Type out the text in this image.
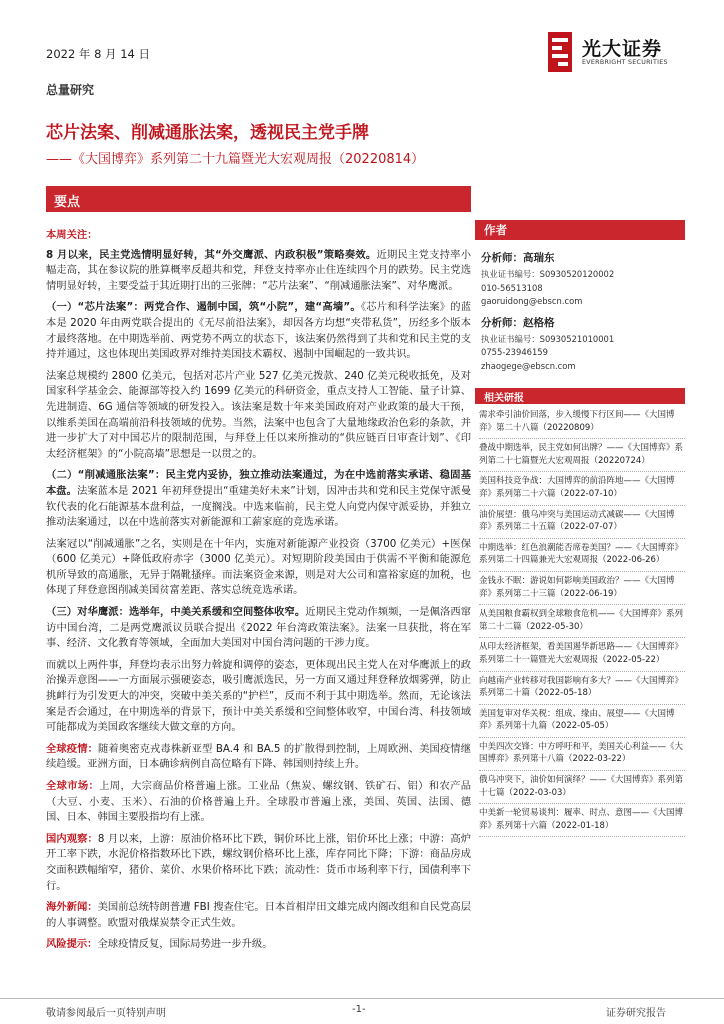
2022 年 8 月 14 日	光大证券
EVERBRIGHT SECURITIES
总量研究
芯片法案、削减通胀法案，透视民主党手牌
——《大国博弈》系列第二十九篇暨光大宏观周报（20220814）
要点

本周关注：

8 月以来，民主党选情明显好转，其“外交鹰派、内政积极”策略奏效。近期民主党支持率小幅走高，其在参议院的胜算概率反超共和党，拜登支持率亦止住连续四个月的跌势。民主党选情明显好转，主要受益于其近期打出的三张牌：“芯片法案”、“削减通胀法案”、对华鹰派。

（一）“芯片法案”：两党合作、遏制中国，筑“小院”，建“高墙”。《芯片和科学法案》的蓝本是 2020 年由两党联合提出的《无尽前沿法案》，却因各方均想“夹带私货”，历经多个版本才最终落地。在中期选举前、两党势不两立的状态下，该法案仍然得到了共和党和民主党的支持并通过，这也体现出美国政界对维持美国技术霸权、遏制中国崛起的一致共识。

法案总规模约 2800 亿美元，包括对芯片产业 527 亿美元拨款、240 亿美元税收抵免，及对国家科学基金会、能源部等投入约 1699 亿美元的科研资金，重点支持人工智能、量子计算、先进制造、6G 通信等领域的研发投入。该法案是数十年来美国政府对产业政策的最大干预，以维系美国在高端前沿科技领域的优势。当然，法案中也包含了大量地缘政治色彩的条款，并进一步扩大了对中国芯片的限制范围，与拜登上任以来所推动的“供应链百日审查计划”、《印太经济框架》的“小院高墙”思想是一以贯之的。

（二）“削减通胀法案”：民主党内妥协，独立推动法案通过，为在中选前落实承诺、稳固基本盘。法案蓝本是 2021 年初拜登提出“重建美好未来”计划，因冲击共和党和民主党保守派曼钦代表的化石能源基本盘利益，一度搁浅。中选来临前，民主党人向党内保守派妥协，并独立推动法案通过，以在中选前落实对新能源和工薪家庭的竞选承诺。

法案冠以“削减通胀”之名，实则是在十年内，实施对新能源产业投资（3700 亿美元）+医保（600 亿美元）+降低政府赤字（3000 亿美元）。对短期阶段美国由于供需不平衡和能源危机所导致的高通胀，无异于隔靴搔痒。而法案资金来源，则是对大公司和富裕家庭的加税，也体现了拜登意图削减美国贫富差距、落实总统竞选承诺。

（三）对华鹰派：选举年，中美关系缓和空间整体收窄。近期民主党动作频频，一是佩洛西窜访中国台湾，二是两党鹰派议员联合提出《2022 年台湾政策法案》。法案一旦获批，将在军事、经济、文化教育等领域，全面加大美国对中国台湾问题的干涉力度。

而就以上两件事，拜登均表示出努力斡旋和调停的姿态，更体现出民主党人在对华鹰派上的政治操弄意图——一方面展示强硬姿态，吸引鹰派选民，另一方面又通过拜登释放烟雾弹，防止挑衅行为引发更大的冲突，突破中美关系的“护栏”，反而不利于其中期选举。然而，无论该法案是否会通过，在中期选举的背景下，预计中美关系缓和空间整体收窄，中国台湾、科技领域可能都成为美国政客继续大做文章的方向。

全球疫情：随着奥密克戎毒株新亚型 BA.4 和 BA.5 的扩散得到控制，上周欧洲、美国疫情继续趋缓。亚洲方面，日本确诊病例自高位略有下降、韩国则持续上升。

全球市场：上周，大宗商品价格普遍上涨。工业品（焦炭、螺纹钢、铁矿石、铝）和农产品（大豆、小麦、玉米）、石油的价格普遍上升。全球股市普遍上涨，美国、英国、法国、德国、日本、韩国主要股指均有上涨。

国内观察：8 月以来，上游：原油价格环比下跌，铜价环比上涨，铝价环比上涨；中游：高炉开工率下跌，水泥价格指数环比下跌，螺纹钢价格环比上涨，库存同比下降；下游：商品房成交面积跌幅缩窄，猪价、菜价、水果价格环比下跌；流动性：货币市场利率下行，国债利率下行。

海外新闻：美国前总统特朗普遭 FBI 搜查住宅。日本首相岸田文雄完成内阁改组和自民党高层的人事调整。欧盟对俄煤炭禁令正式生效。

风险提示：全球疫情反复，国际局势进一步升级。

作者
分析师：高瑞东
执业证书编号：S0930520120002
010-56513108
gaoruidong@ebscn.com
分析师：赵格格
执业证书编号：S0930521010001
0755-23946159
zhaogege@ebscn.com
相关研报
需求牵引油价回落，步入缓慢下行区间——《大国博弈》第二十八篇（20220809）
叠战中期选举，民主党如何出牌？——《大国博弈》系列第二十七篇暨光大宏观周报（20220724）
美国科技竞争战：大国博弈的前沿阵地——《大国博弈》系列第二十六篇（2022-07-10）
油价展望：俄乌冲突与美国运动式减碳——《大国博弈》系列第二十五篇（2022-07-07）
中期选举：红色浪潮能否席卷美国？——《大国博弈》系列第二十四篇兼光大宏观周报（2022-06-26）
金钱永不眠：游说如何影响美国政治？——《大国博弈》系列第二十三篇（2022-06-19）
从美国粮食霸权到全球粮食危机——《大国博弈》系列第二十二篇（2022-05-30）
从印太经济框架，看美国遏华新思路——《大国博弈》系列第二十一篇暨光大宏观周报（2022-05-22）
向越南产业转移对我国影响有多大？——《大国博弈》系列第二十篇（2022-05-18）
美国复审对华关税：组成、缘由、展望——《大国博弈》系列第十九篇（2022-05-05）
中美四次交锋：中方呼吁和平，美国关心利益——《大国博弈》系列第十八篇（2022-03-22）
俄乌冲突下，油价如何演绎？——《大国博弈》系列第十七篇（2022-03-03）
中美新一轮贸易谈判：履率、时点、意图——《大国博弈》系列第十六篇（2022-01-18）
敬请参阅最后一页特别声明	-1-	证券研究报告
